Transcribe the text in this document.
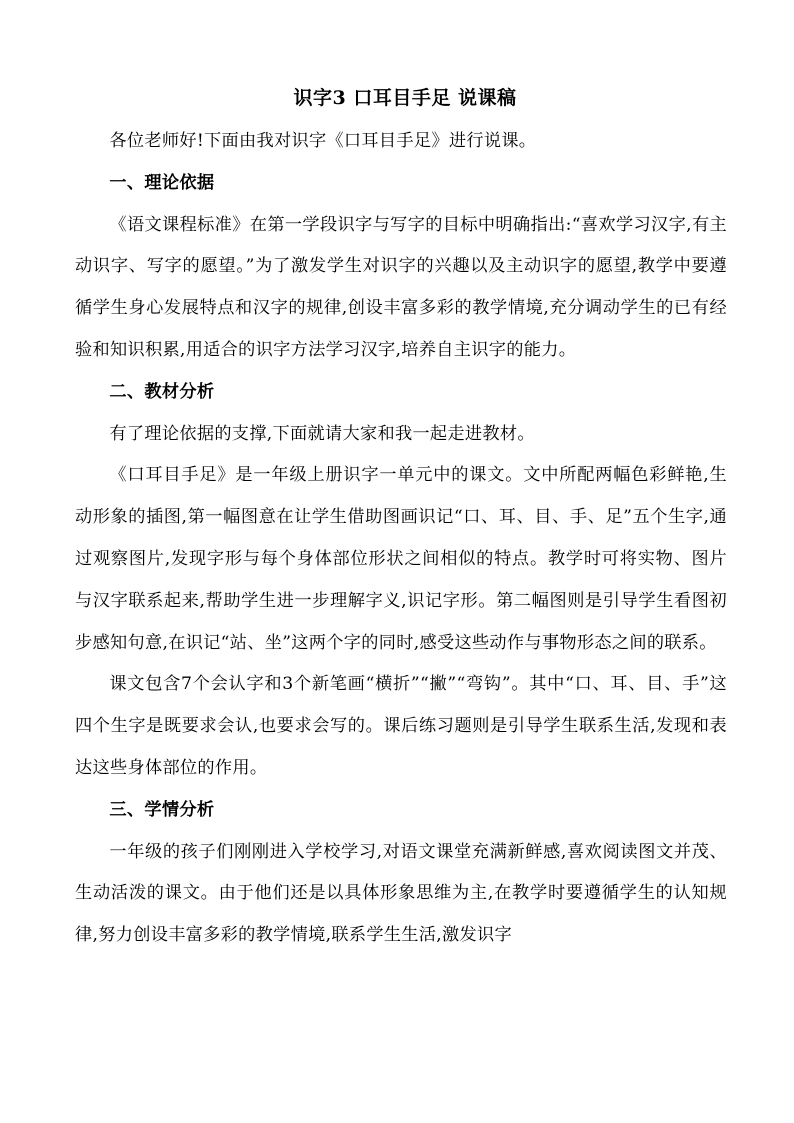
识字3 口耳目手足 说课稿

各位老师好!下面由我对识字《口耳目手足》进行说课。

一、理论依据

《语文课程标准》在第一学段识字与写字的目标中明确指出:“喜欢学习汉字,有主动识字、写字的愿望。”为了激发学生对识字的兴趣以及主动识字的愿望,教学中要遵循学生身心发展特点和汉字的规律,创设丰富多彩的教学情境,充分调动学生的已有经验和知识积累,用适合的识字方法学习汉字,培养自主识字的能力。

二、教材分析

有了理论依据的支撑,下面就请大家和我一起走进教材。

《口耳目手足》是一年级上册识字一单元中的课文。文中所配两幅色彩鲜艳,生动形象的插图,第一幅图意在让学生借助图画识记“口、耳、目、手、足”五个生字,通过观察图片,发现字形与每个身体部位形状之间相似的特点。教学时可将实物、图片与汉字联系起来,帮助学生进一步理解字义,识记字形。第二幅图则是引导学生看图初步感知句意,在识记“站、坐”这两个字的同时,感受这些动作与事物形态之间的联系。

课文包含7个会认字和3个新笔画“横折”“撇”“弯钩”。其中“口、耳、目、手”这四个生字是既要求会认,也要求会写的。课后练习题则是引导学生联系生活,发现和表达这些身体部位的作用。

三、学情分析

一年级的孩子们刚刚进入学校学习,对语文课堂充满新鲜感,喜欢阅读图文并茂、生动活泼的课文。由于他们还是以具体形象思维为主,在教学时要遵循学生的认知规律,努力创设丰富多彩的教学情境,联系学生生活,激发识字
